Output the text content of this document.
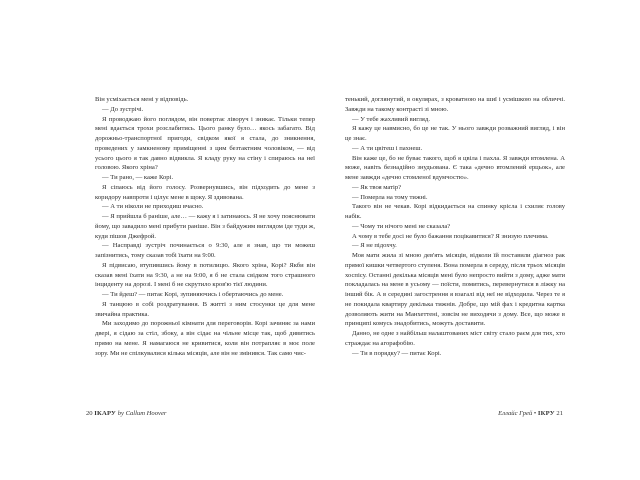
Він усміхається мені у відповідь.

— До зустрічі.

Я проводжаю його поглядом, він повертає ліворуч і зникає. Тільки тепер мені вдається трохи розслабитись. Цього ранку було… якось забагато. Від дорожньо-транспортної пригоди, свідком якої я стала, до зникнення, проведених у замкненому приміщенні з цим безтактним чоловіком, — від усього цього я так давно відвикла. Я кладу руку на стіну і спираюсь на неї головою. Якого хріна?

— Ти рано, — каже Корі.

Я сіпаюсь від його голосу. Розвернувшись, він підходить до мене з коридору навпроти і цілує мене в щоку. Я здивована.

— А ти ніколи не приходиш вчасно.

— Я прийшла б раніше, але… — кажу я і затинаюсь. Я не хочу пояснювати йому, що завадило мені прибути раніше. Він з байдужим виглядом іде туди ж, куди пішов Джефрой.

— Насправді зустріч починається о 9:30, але я знав, що ти можеш запізнитись, тому сказав тобі їхати на 9:00.

Я підвисаю, втупившись йому в потилицю. Якого хріна, Корі? Якби він сказав мені їхати на 9:30, а не на 9:00, я б не стала свідком того страшного інциденту на дорозі. І мені б не скрутило кров'ю тієї людини.

— Ти йдеш? — питає Корі, зупиняючись і обертаючись до мене.

Я танцюю в собі роздратування. В житті з ним стосунки це для мене звичайна практика.

Ми заходимо до порожньої кімнати для переговорів. Корі зачиняє за нами двері, я сідаю за стіл, збоку, а він сідає на чільне місце так, щоб дивитись прямо на мене. Я намагаюся не кривитися, коли він потрапляє в моє поле зору. Ми не спілкувалися кілька місяців, але він не змінився. Так само чис-

20 ІКАРУ by Callum Hoover

тенький, доглянутий, в окулярах, з кроватною на шиї і усмішкою на обличчі. Завжди на такому контрасті зі мною.

— У тебе жахливий вигляд.

Я кажу це навмисно, бо це не так. У нього завжди розважний вигляд, і він це знає.

— А ти цвітеш і пахнеш.

Він каже це, бо не буває такого, щоб я цвіла і пахла. Я завжди втомлена. А може, навіть безнадійно знудьована. Є така «дечно втомлений ерцьок», але мене завжди «дечно стомленої вдумчостю».

— Як твоя матір?

— Померла на тому тижні.

Такого він не чекав. Корі відкидається на спинку крісла і схиляє голову набік.

— Чому ти нічого мені не сказала?

А чому в тебе досі не було бажання поцікавитися? Я знизую плечима.

— Я не підохчу.

Моя мати жила зі мною дев'ять місяців, відколи їй поставили діагноз рак прямої кишки четвертого ступеня. Вона померла в середу, після трьох місяців хоспісу. Останні декілька місяців мені було непросто вийти з дому, адже мати покладалась на мене в усьому — поїсти, помитись, перевернутися в ліжку на інший бік. А в середині загострення я взагалі від неї не відходила. Через те я не покидала квартиру декілька тижнів. Добре, що мій фах і кредитна картка дозволяють жити на Манхеттені, зовсім не виходячи з дому. Все, що може в принципі комусь знадобитись, можуть доставити.

Данно, не одне з найбільш налаштованих міст світу стало раєм для тих, хто страждає на агорафобію.

— Ти в порядку? — питає Корі.

Еллайс Грей • ІКРУ 21
